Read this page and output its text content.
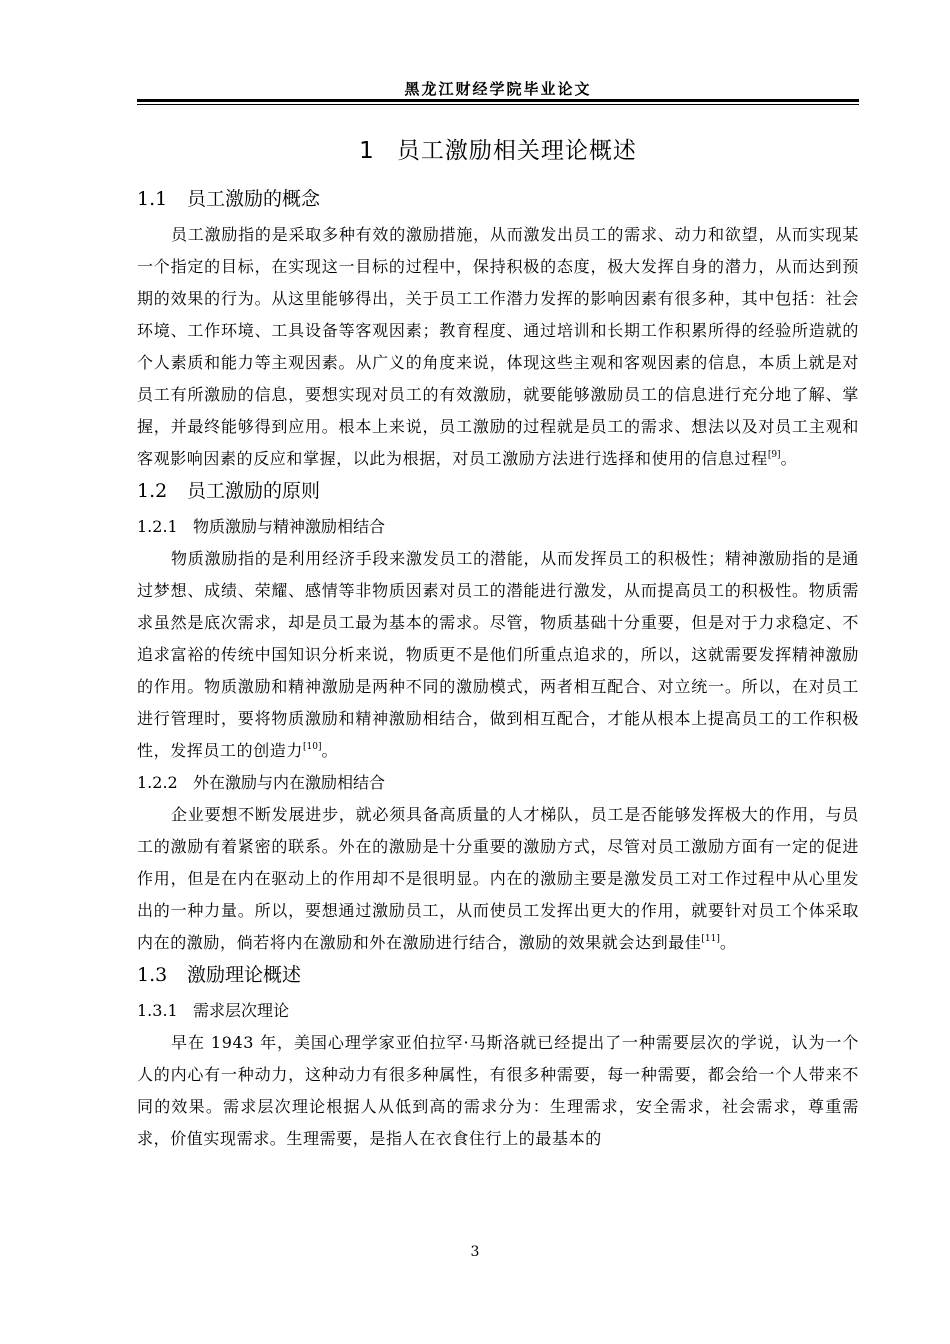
黑龙江财经学院毕业论文
1 员工激励相关理论概述
1.1 员工激励的概念

员工激励指的是采取多种有效的激励措施，从而激发出员工的需求、动力和欲望，从而实现某一个指定的目标，在实现这一目标的过程中，保持积极的态度，极大发挥自身的潜力，从而达到预期的效果的行为。从这里能够得出，关于员工工作潜力发挥的影响因素有很多种，其中包括：社会环境、工作环境、工具设备等客观因素；教育程度、通过培训和长期工作积累所得的经验所造就的个人素质和能力等主观因素。从广义的角度来说，体现这些主观和客观因素的信息，本质上就是对员工有所激励的信息，要想实现对员工的有效激励，就要能够激励员工的信息进行充分地了解、掌握，并最终能够得到应用。根本上来说，员工激励的过程就是员工的需求、想法以及对员工主观和客观影响因素的反应和掌握，以此为根据，对员工激励方法进行选择和使用的信息过程[9]。

1.2 员工激励的原则
1.2.1 物质激励与精神激励相结合

物质激励指的是利用经济手段来激发员工的潜能，从而发挥员工的积极性；精神激励指的是通过梦想、成绩、荣耀、感情等非物质因素对员工的潜能进行激发，从而提高员工的积极性。物质需求虽然是底次需求，却是员工最为基本的需求。尽管，物质基础十分重要，但是对于力求稳定、不追求富裕的传统中国知识分析来说，物质更不是他们所重点追求的，所以，这就需要发挥精神激励的作用。物质激励和精神激励是两种不同的激励模式，两者相互配合、对立统一。所以，在对员工进行管理时，要将物质激励和精神激励相结合，做到相互配合，才能从根本上提高员工的工作积极性，发挥员工的创造力[10]。

1.2.2 外在激励与内在激励相结合

企业要想不断发展进步，就必须具备高质量的人才梯队，员工是否能够发挥极大的作用，与员工的激励有着紧密的联系。外在的激励是十分重要的激励方式，尽管对员工激励方面有一定的促进作用，但是在内在驱动上的作用却不是很明显。内在的激励主要是激发员工对工作过程中从心里发出的一种力量。所以，要想通过激励员工，从而使员工发挥出更大的作用，就要针对员工个体采取内在的激励，倘若将内在激励和外在激励进行结合，激励的效果就会达到最佳[11]。

1.3 激励理论概述
1.3.1 需求层次理论

早在 1943 年，美国心理学家亚伯拉罕·马斯洛就已经提出了一种需要层次的学说，认为一个人的内心有一种动力，这种动力有很多种属性，有很多种需要，每一种需要，都会给一个人带来不同的效果。需求层次理论根据人从低到高的需求分为：生理需求，安全需求，社会需求，尊重需求，价值实现需求。生理需要，是指人在衣食住行上的最基本的

3
